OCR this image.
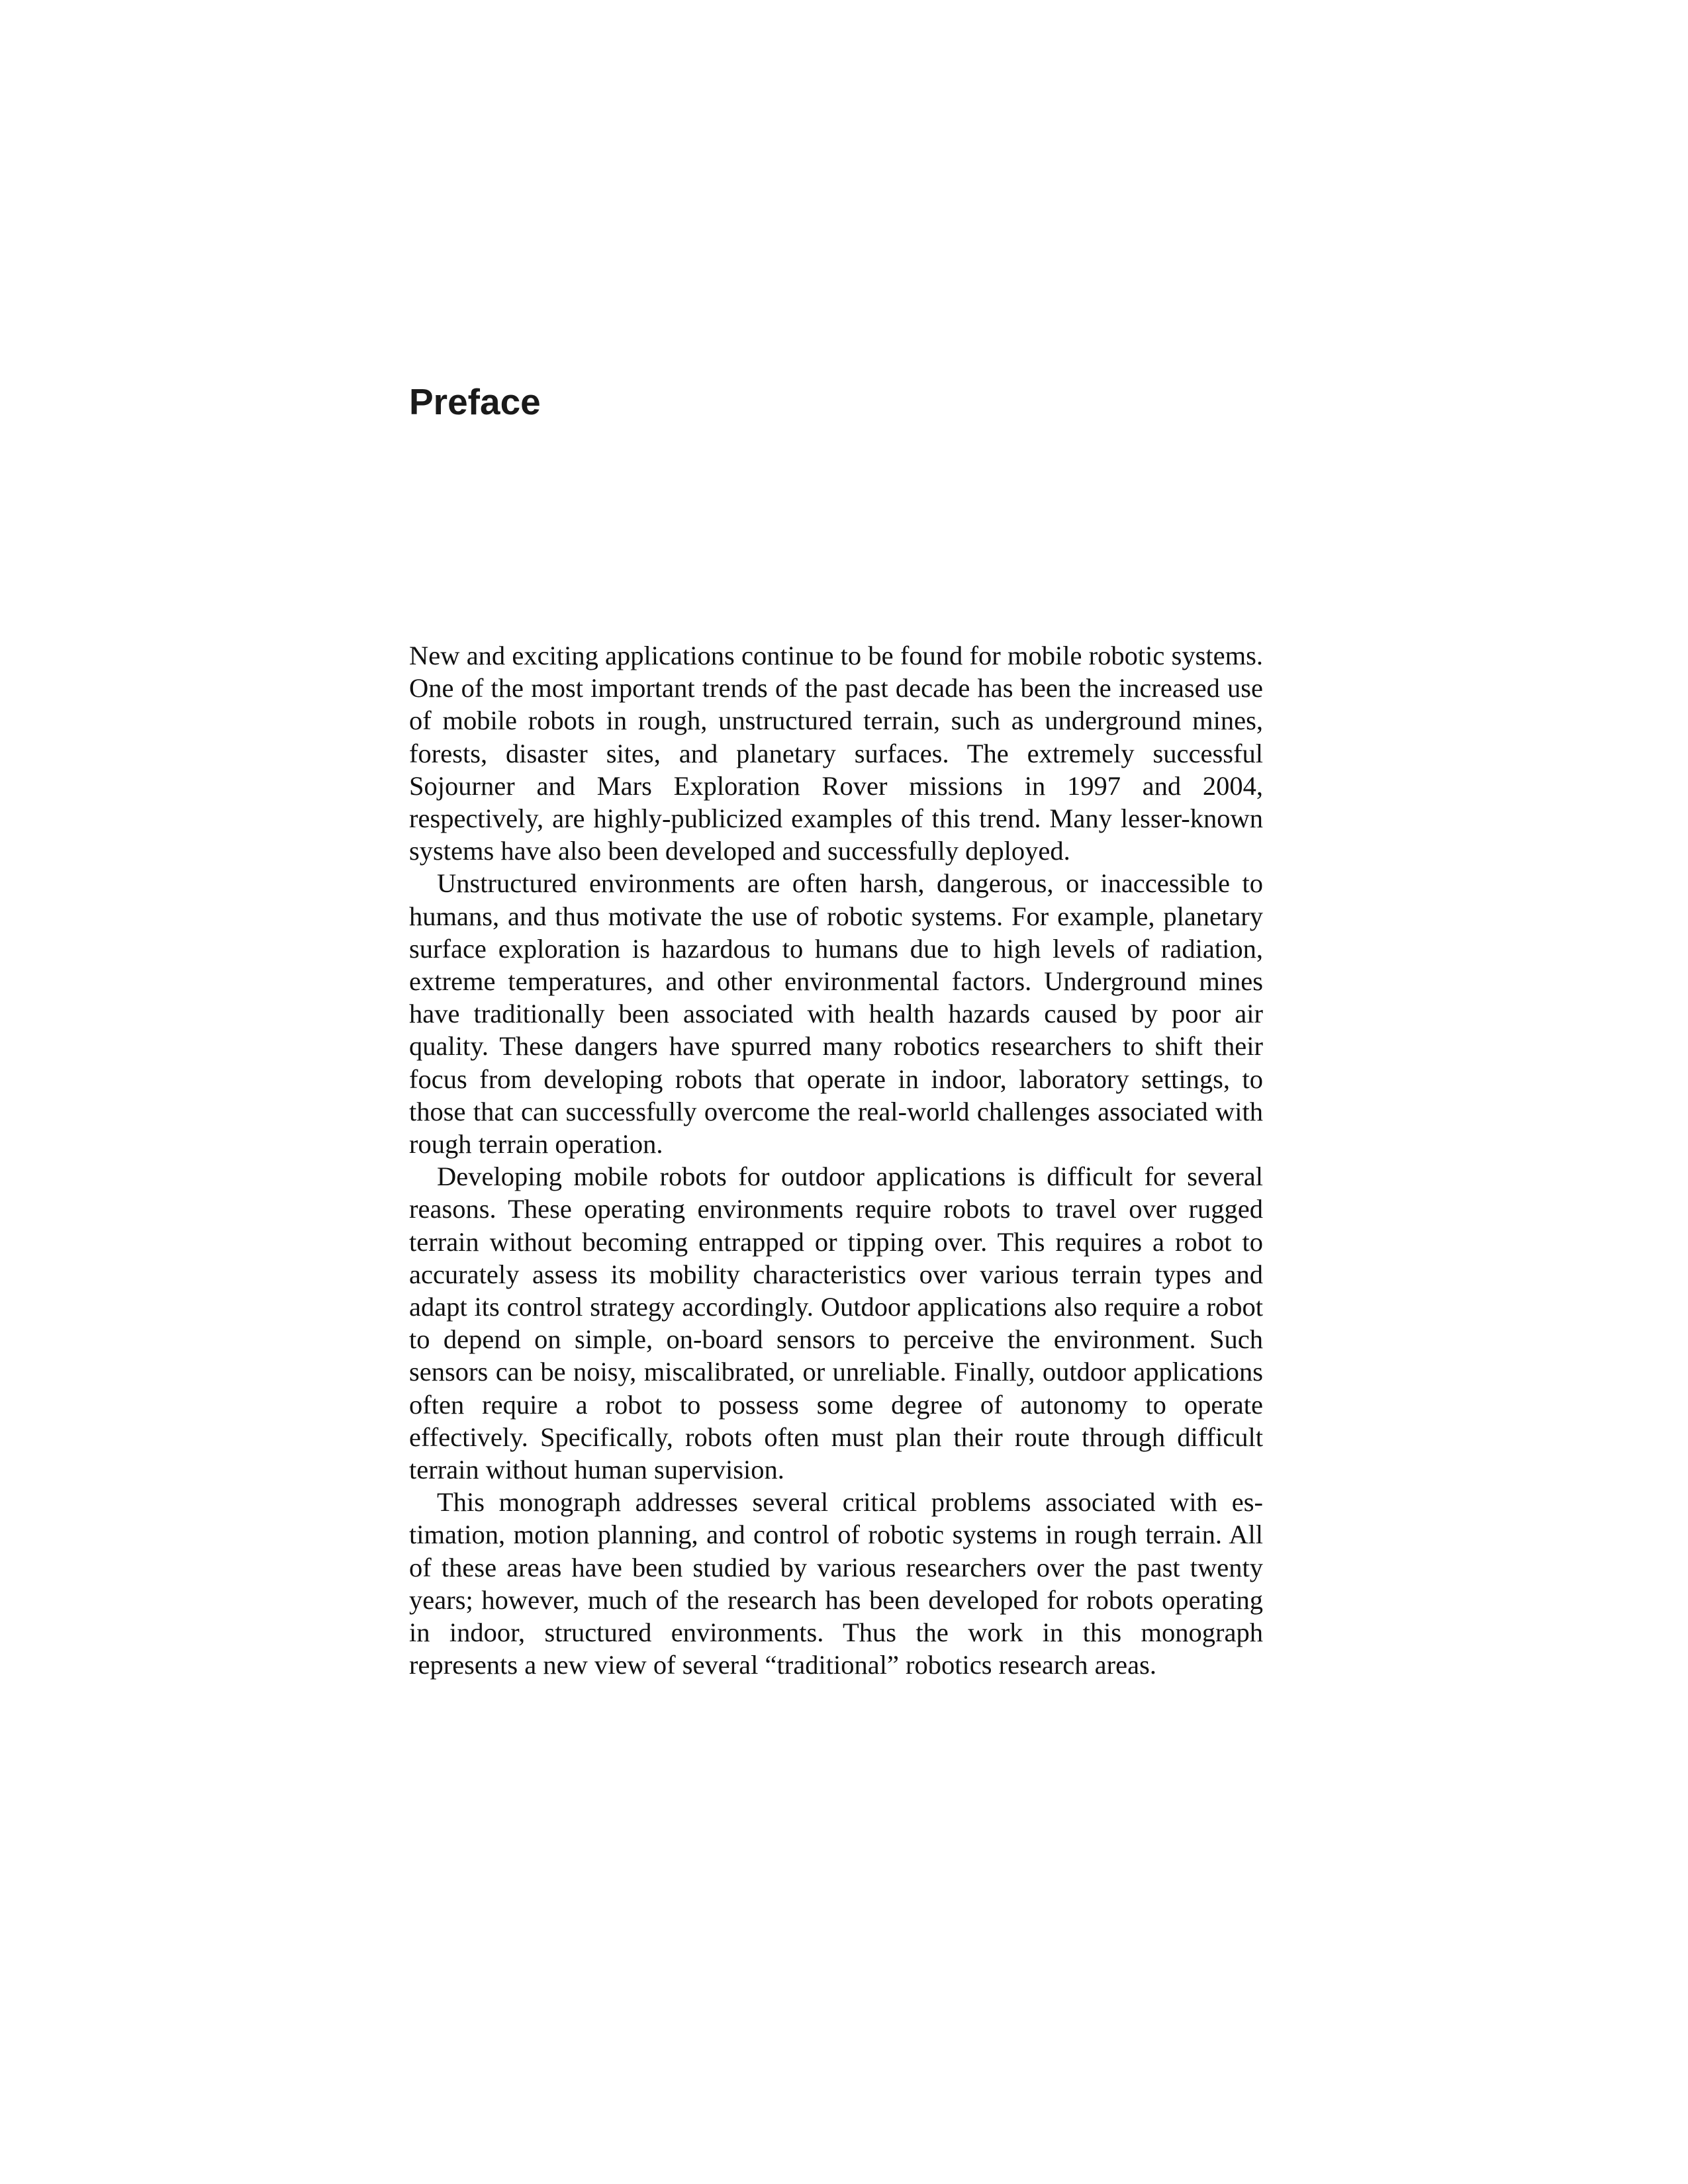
Preface

New and exciting applications continue to be found for mobile robotic systems. One of the most important trends of the past decade has been the increased use of mobile robots in rough, unstructured terrain, such as underground mines, forests, disaster sites, and planetary surfaces. The extremely successful Sojourner and Mars Exploration Rover missions in 1997 and 2004, respectively, are highly-publicized examples of this trend. Many lesser-known systems have also been developed and successfully deployed.

Unstructured environments are often harsh, dangerous, or inaccessible to humans, and thus motivate the use of robotic systems. For example, planetary surface exploration is hazardous to humans due to high levels of radiation, extreme temperatures, and other environmental factors. Underground mines have traditionally been associated with health hazards caused by poor air quality. These dangers have spurred many robotics researchers to shift their focus from developing robots that operate in indoor, laboratory settings, to those that can successfully overcome the real-world challenges associated with rough terrain operation.

Developing mobile robots for outdoor applications is difficult for several reasons. These operating environments require robots to travel over rugged terrain without becoming entrapped or tipping over. This requires a robot to accurately assess its mobility characteristics over various terrain types and adapt its control strategy accordingly. Outdoor applications also require a robot to depend on simple, on-board sensors to perceive the environment. Such sensors can be noisy, miscalibrated, or unreliable. Finally, outdoor applications often require a robot to possess some degree of autonomy to operate effectively. Specifically, robots often must plan their route through difficult terrain without human supervision.

This monograph addresses several critical problems associated with estimation, motion planning, and control of robotic systems in rough terrain. All of these areas have been studied by various researchers over the past twenty years; however, much of the research has been developed for robots operating in indoor, structured environments. Thus the work in this monograph represents a new view of several “traditional” robotics research areas.
